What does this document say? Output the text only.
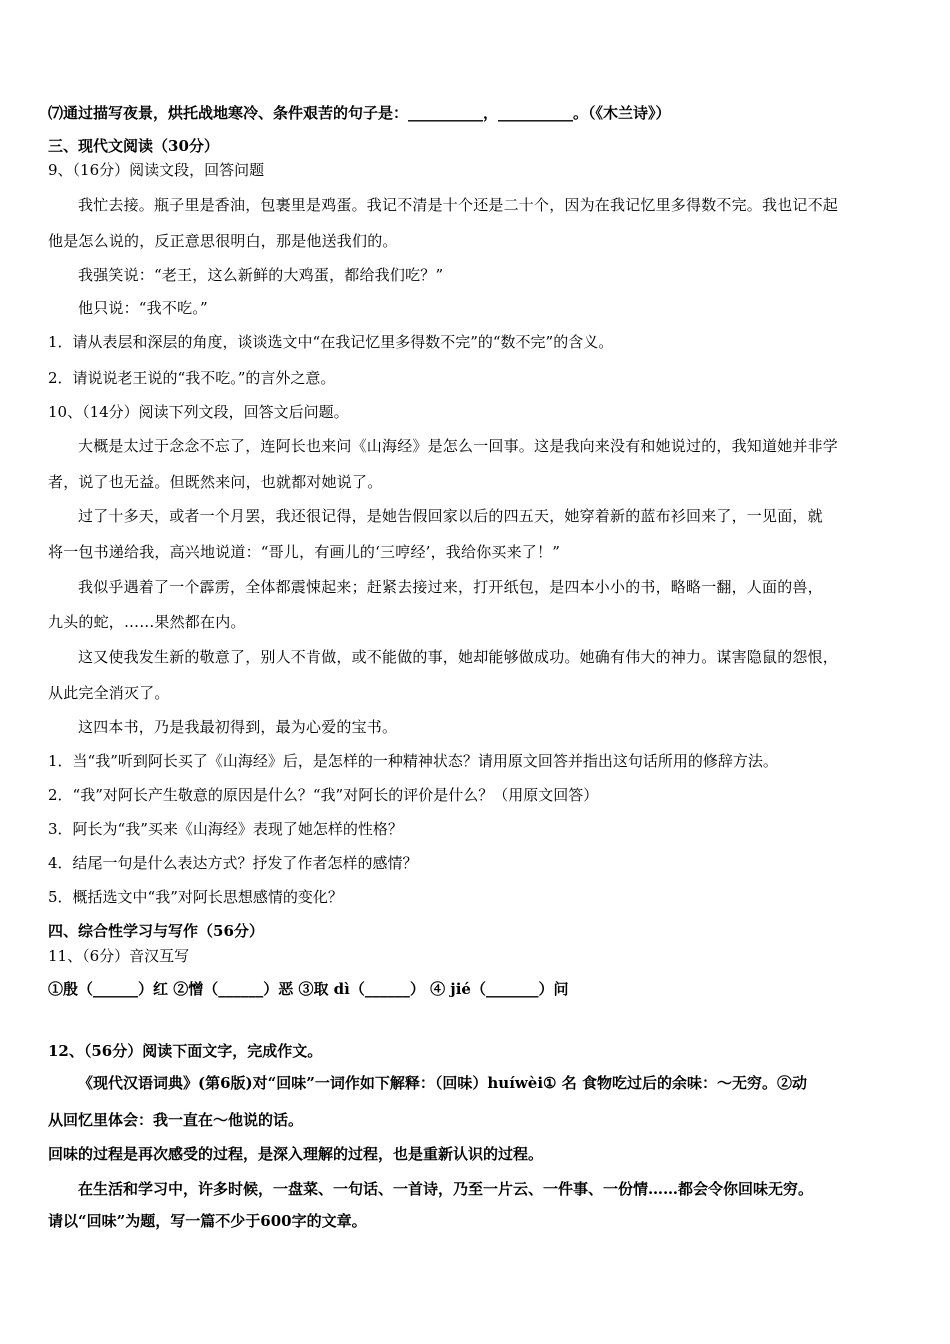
⑺通过描写夜景，烘托战地寒冷、条件艰苦的句子是：__________，__________。（《木兰诗》）
三、现代文阅读（30分）
9、（16分）阅读文段，回答问题
我忙去接。瓶子里是香油，包裹里是鸡蛋。我记不清是十个还是二十个，因为在我记忆里多得数不完。我也记不起
他是怎么说的，反正意思很明白，那是他送我们的。
我强笑说：“老王，这么新鲜的大鸡蛋，都给我们吃？”
他只说：“我不吃。”
1．请从表层和深层的角度，谈谈选文中“在我记忆里多得数不完”的“数不完”的含义。
2．请说说老王说的“我不吃。”的言外之意。
10、（14分）阅读下列文段，回答文后问题。
大概是太过于念念不忘了，连阿长也来问《山海经》是怎么一回事。这是我向来没有和她说过的，我知道她并非学
者，说了也无益。但既然来问，也就都对她说了。
过了十多天，或者一个月罢，我还很记得，是她告假回家以后的四五天，她穿着新的蓝布衫回来了，一见面，就
将一包书递给我，高兴地说道：“哥儿，有画儿的‘三哼经’，我给你买来了！”
我似乎遇着了一个霹雳，全体都震悚起来；赶紧去接过来，打开纸包，是四本小小的书，略略一翻，人面的兽，
九头的蛇，……果然都在内。
这又使我发生新的敬意了，别人不肯做，或不能做的事，她却能够做成功。她确有伟大的神力。谋害隐鼠的怨恨，
从此完全消灭了。
这四本书，乃是我最初得到，最为心爱的宝书。
1．当“我”听到阿长买了《山海经》后，是怎样的一种精神状态？请用原文回答并指出这句话所用的修辞方法。
2．“我”对阿长产生敬意的原因是什么？“我”对阿长的评价是什么？（用原文回答）
3．阿长为“我”买来《山海经》表现了她怎样的性格？
4．结尾一句是什么表达方式？抒发了作者怎样的感情？
5．概括选文中“我”对阿长思想感情的变化？
四、综合性学习与写作（56分）
11、（6分）音汉互写
①殷（______）红 ②憎（______）恶 ③取 dì（______） ④ jié（_______）问
12、（56分）阅读下面文字，完成作文。
《现代汉语词典》(第6版)对“回味”一词作如下解释：（回味）huíwèi① 名 食物吃过后的余味：～无穷。②动
从回忆里体会：我一直在～他说的话。
回味的过程是再次感受的过程，是深入理解的过程，也是重新认识的过程。
在生活和学习中，许多时候，一盘菜、一句话、一首诗，乃至一片云、一件事、一份情……都会令你回味无穷。
请以“回味”为题，写一篇不少于600字的文章。
